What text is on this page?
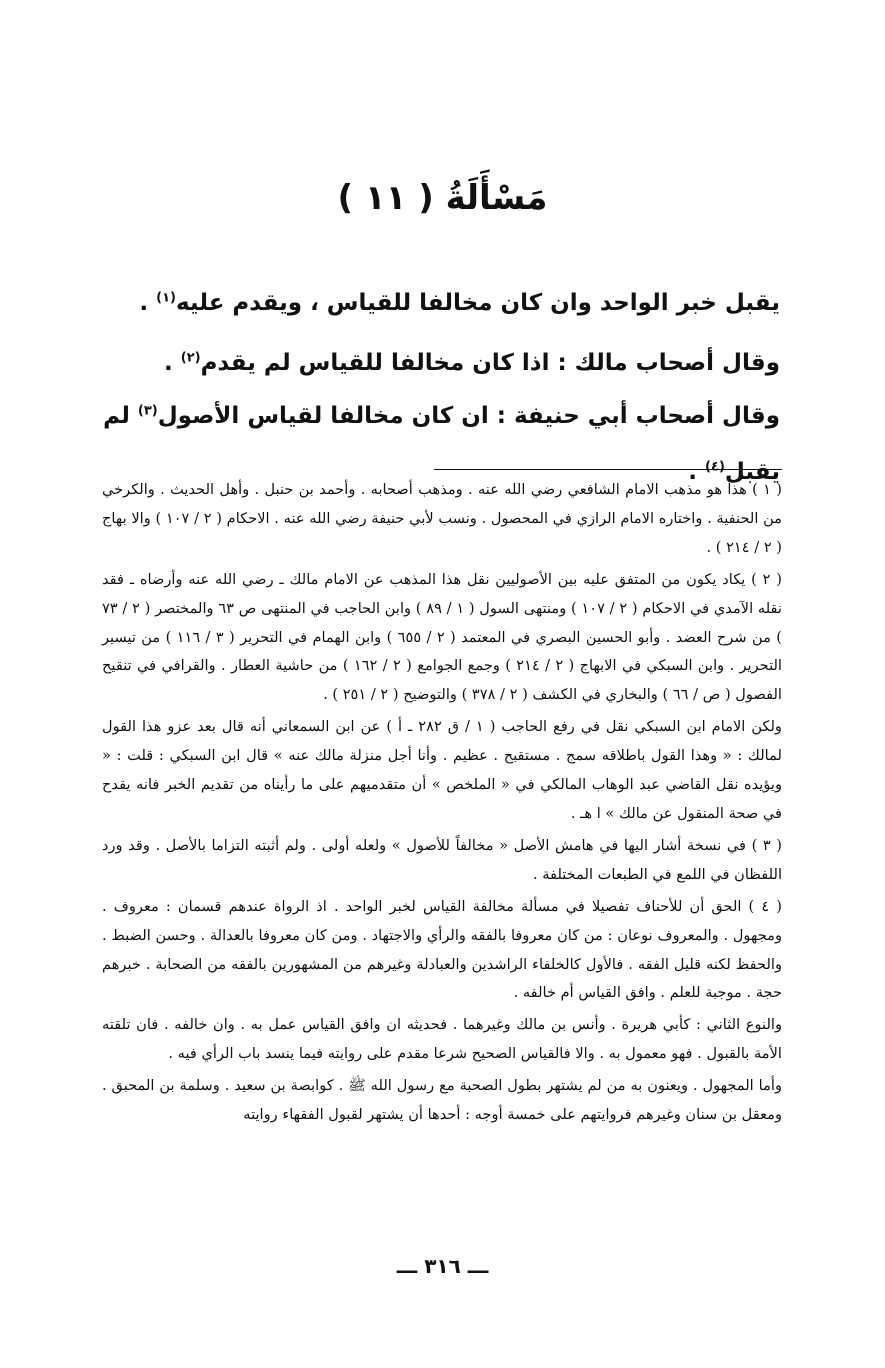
مَسْأَلَةُ ( ١١ )
يقبل خبر الواحد وان كان مخالفا للقياس ، ويقدم عليه$^{(١)}$ .
وقال أصحاب مالك : اذا كان مخالفا للقياس لم يقدم$^{(٢)}$ .
وقال أصحاب أبي حنيفة : ان كان مخالفا لقياس الأصول$^{(٣)}$ لم يقبل$^{(٤)}$ .

( ١ ) هذا هو مذهب الامام الشافعي رضي الله عنه . ومذهب أصحابه . وأحمد بن حنبل . وأهل الحديث . والكرخي من الحنفية . واختاره الامام الرازي في المحصول . ونسب لأبي حنيفة رضي الله عنه . الاحكام ( ٢ / ١٠٧ ) والا بهاج ( ٢ / ٢١٤ ) .

( ٢ ) يكاد يكون من المتفق عليه بين الأصوليين نقل هذا المذهب عن الامام مالك ـ رضي الله عنه وأرضاه ـ فقد نقله الآمدي في الاحكام ( ٢ / ١٠٧ ) ومنتهى السول ( ١ / ٨٩ ) وابن الحاجب في المنتهى ص ٦٣ والمختصر ( ٢ / ٧٣ ) من شرح العضد . وأبو الحسين البصري في المعتمد ( ٢ / ٦٥٥ ) وابن الهمام في التحرير ( ٣ / ١١٦ ) من تيسير التحرير . وابن السبكي في الابهاج ( ٢ / ٢١٤ ) وجمع الجوامع ( ٢ / ١٦٢ ) من حاشية العطار . والقرافي في تنقيح الفصول ( ص / ٦٦ ) والبخاري في الكشف ( ٢ / ٣٧٨ ) والتوضيح ( ٢ / ٢٥١ ) .

ولكن الامام ابن السبكي نقل في رفع الحاجب ( ١ / ق ٢٨٢ ـ أ ) عن ابن السمعاني أنه قال بعد عزو هذا القول لمالك : « وهذا القول باطلاقه سمج . مستقبح . عظيم . وأنا أجل منزلة مالك عنه » قال ابن السبكي : قلت : « ويؤيده نقل القاضي عبد الوهاب المالكي في « الملخص » أن متقدميهم على ما رأيناه من تقديم الخبر فانه يقدح في صحة المنقول عن مالك » ا هـ .

( ٣ ) في نسخة أشار اليها في هامش الأصل « مخالفاً للأصول » ولعله أولى . ولم أثبته التزاما بالأصل . وقد ورد اللفظان في اللمع في الطبعات المختلفة .

( ٤ ) الحق أن للأحناف تفصيلا في مسألة مخالفة القياس لخبر الواحد . اذ الرواة عندهم قسمان : معروف . ومجهول . والمعروف نوعان : من كان معروفا بالفقه والرأي والاجتهاد . ومن كان معروفا بالعدالة . وحسن الضبط . والحفظ لكنه قليل الفقه . فالأول كالخلفاء الراشدين والعبادلة وغيرهم من المشهورين بالفقه من الصحابة . خبرهم حجة . موجبة للعلم . وافق القياس أم خالفه .

والنوع الثاني : كأبي هريرة . وأنس بن مالك وغيرهما . فحديثه ان وافق القياس عمل به . وان خالفه . فان تلقته الأمة بالقبول . فهو معمول به . والا فالقياس الصحيح شرعا مقدم على روايته فيما ينسد باب الرأي فيه .

وأما المجهول . ويعنون به من لم يشتهر بطول الصحبة مع رسول الله ﷺ . كوابصة بن سعيد . وسلمة بن المحبق . ومعقل بن سنان وغيرهم فروايتهم على خمسة أوجه : أحدها أن يشتهر لقبول الفقهاء روايته

ـــ ٣١٦ ـــ
